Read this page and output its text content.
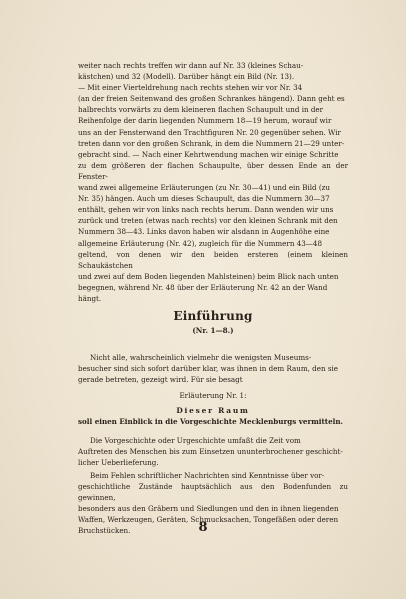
weiter nach rechts treffen wir dann auf Nr. 33 (kleines Schau-

kästchen) und 32 (Modell). Darüber hängt ein Bild (Nr. 13).

— Mit einer Vierteldrehung nach rechts stehen wir vor Nr. 34

(an der freien Seitenwand des großen Schrankes hängend). Dann geht es

halbrechts vorwärts zu dem kleineren flachen Schaupult und in der

Reihenfolge der darin liegenden Nummern 18—19 herum, worauf wir

uns an der Fensterwand den Trachtfiguren Nr. 20 gegenüber sehen. Wir

treten dann vor den großen Schrank, in dem die Nummern 21—29 unter-

gebracht sind. — Nach einer Kehrtwendung machen wir einige Schritte

zu dem größeren der flachen Schaupulte, über dessen Ende an der Fenster-

wand zwei allgemeine Erläuterungen (zu Nr. 30—41) und ein Bild (zu

Nr. 35) hängen. Auch um dieses Schaupult, das die Nummern 30—37

enthält, gehen wir von links nach rechts herum. Dann wenden wir uns

zurück und treten (etwas nach rechts) vor den kleinen Schrank mit den

Nummern 38—43. Links davon haben wir alsdann in Augenhöhe eine

allgemeine Erläuterung (Nr. 42), zugleich für die Nummern 43—48

geltend, von denen wir den beiden ersteren (einem kleinen Schaukästchen

und zwei auf dem Boden liegenden Mahlsteinen) beim Blick nach unten

begegnen, während Nr. 48 über der Erläuterung Nr. 42 an der Wand

hängt.

Einführung
(Nr. 1—8.)

Nicht alle, wahrscheinlich vielmehr die wenigsten Museums-

besucher sind sich sofort darüber klar, was ihnen in dem Raum, den sie

gerade betreten, gezeigt wird. Für sie besagt

Erläuterung Nr. 1:
Dieser Raum
soll einen Einblick in die Vorgeschichte Mecklenburgs vermitteln.

Die Vorgeschichte oder Urgeschichte umfaßt die Zeit vom

Auftreten des Menschen bis zum Einsetzen ununterbrochener geschicht-

licher Ueberlieferung.

Beim Fehlen schriftlicher Nachrichten sind Kenntnisse über vor-

geschichtliche Zustände hauptsächlich aus den Bodenfunden zu gewinnen,

besonders aus den Gräbern und Siedlungen und den in ihnen liegenden

Waffen, Werkzeugen, Geräten, Schmucksachen, Tongefäßen oder deren

Bruchstücken.	8
